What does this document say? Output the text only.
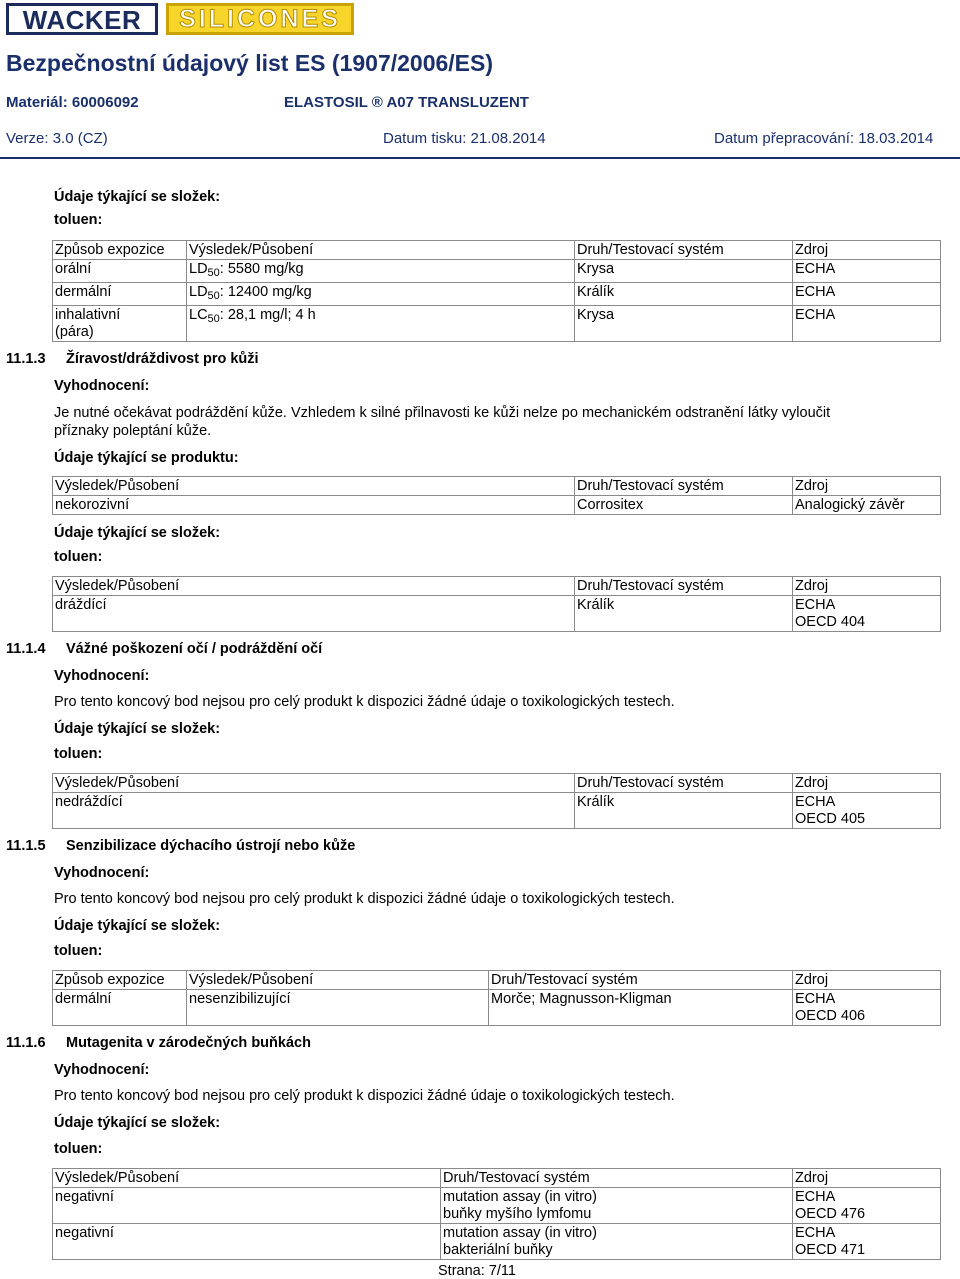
WACKER SILICONES
Bezpečnostní údajový list ES (1907/2006/ES)
Materiál: 60006092	ELASTOSIL ® A07 TRANSLUZENT
Verze: 3.0 (CZ)	Datum tisku: 21.08.2014	Datum přepracování: 18.03.2014
Údaje týkající se složek:
toluen:
Způsob expozice	Výsledek/Působení	Druh/Testovací systém	Zdroj
orální	$LD_{50}$: 5580 mg/kg	Krysa	ECHA
dermální	$LD_{50}$: 12400 mg/kg	Králík	ECHA
inhalativní
(pára)	$LC_{50}$: 28,1 mg/l; 4 h	Krysa	ECHA
11.1.3 Žíravost/dráždivost pro kůži
Vyhodnocení:
Je nutné očekávat podráždění kůže. Vzhledem k silné přilnavosti ke kůži nelze po mechanickém odstranění látky vyloučit
příznaky poleptání kůže.
Údaje týkající se produktu:
Výsledek/Působení	Druh/Testovací systém	Zdroj
nekorozivní	Corrositex	Analogický závěr
Údaje týkající se složek:
toluen:
Výsledek/Působení	Druh/Testovací systém	Zdroj
dráždící	Králík	ECHA
OECD 404
11.1.4 Vážné poškození očí / podráždění očí
Vyhodnocení:
Pro tento koncový bod nejsou pro celý produkt k dispozici žádné údaje o toxikologických testech.
Údaje týkající se složek:
toluen:
Výsledek/Působení	Druh/Testovací systém	Zdroj
nedráždící	Králík	ECHA
OECD 405
11.1.5 Senzibilizace dýchacího ústrojí nebo kůže
Vyhodnocení:
Pro tento koncový bod nejsou pro celý produkt k dispozici žádné údaje o toxikologických testech.
Údaje týkající se složek:
toluen:
Způsob expozice	Výsledek/Působení	Druh/Testovací systém	Zdroj
dermální	nesenzibilizující	Morče; Magnusson-Kligman	ECHA
OECD 406
11.1.6 Mutagenita v zárodečných buňkách
Vyhodnocení:
Pro tento koncový bod nejsou pro celý produkt k dispozici žádné údaje o toxikologických testech.
Údaje týkající se složek:
toluen:
Výsledek/Působení	Druh/Testovací systém	Zdroj
negativní	mutation assay (in vitro)
buňky myšího lymfomu	ECHA
OECD 476
negativní	mutation assay (in vitro)
bakteriální buňky	ECHA
OECD 471
Strana: 7/11
